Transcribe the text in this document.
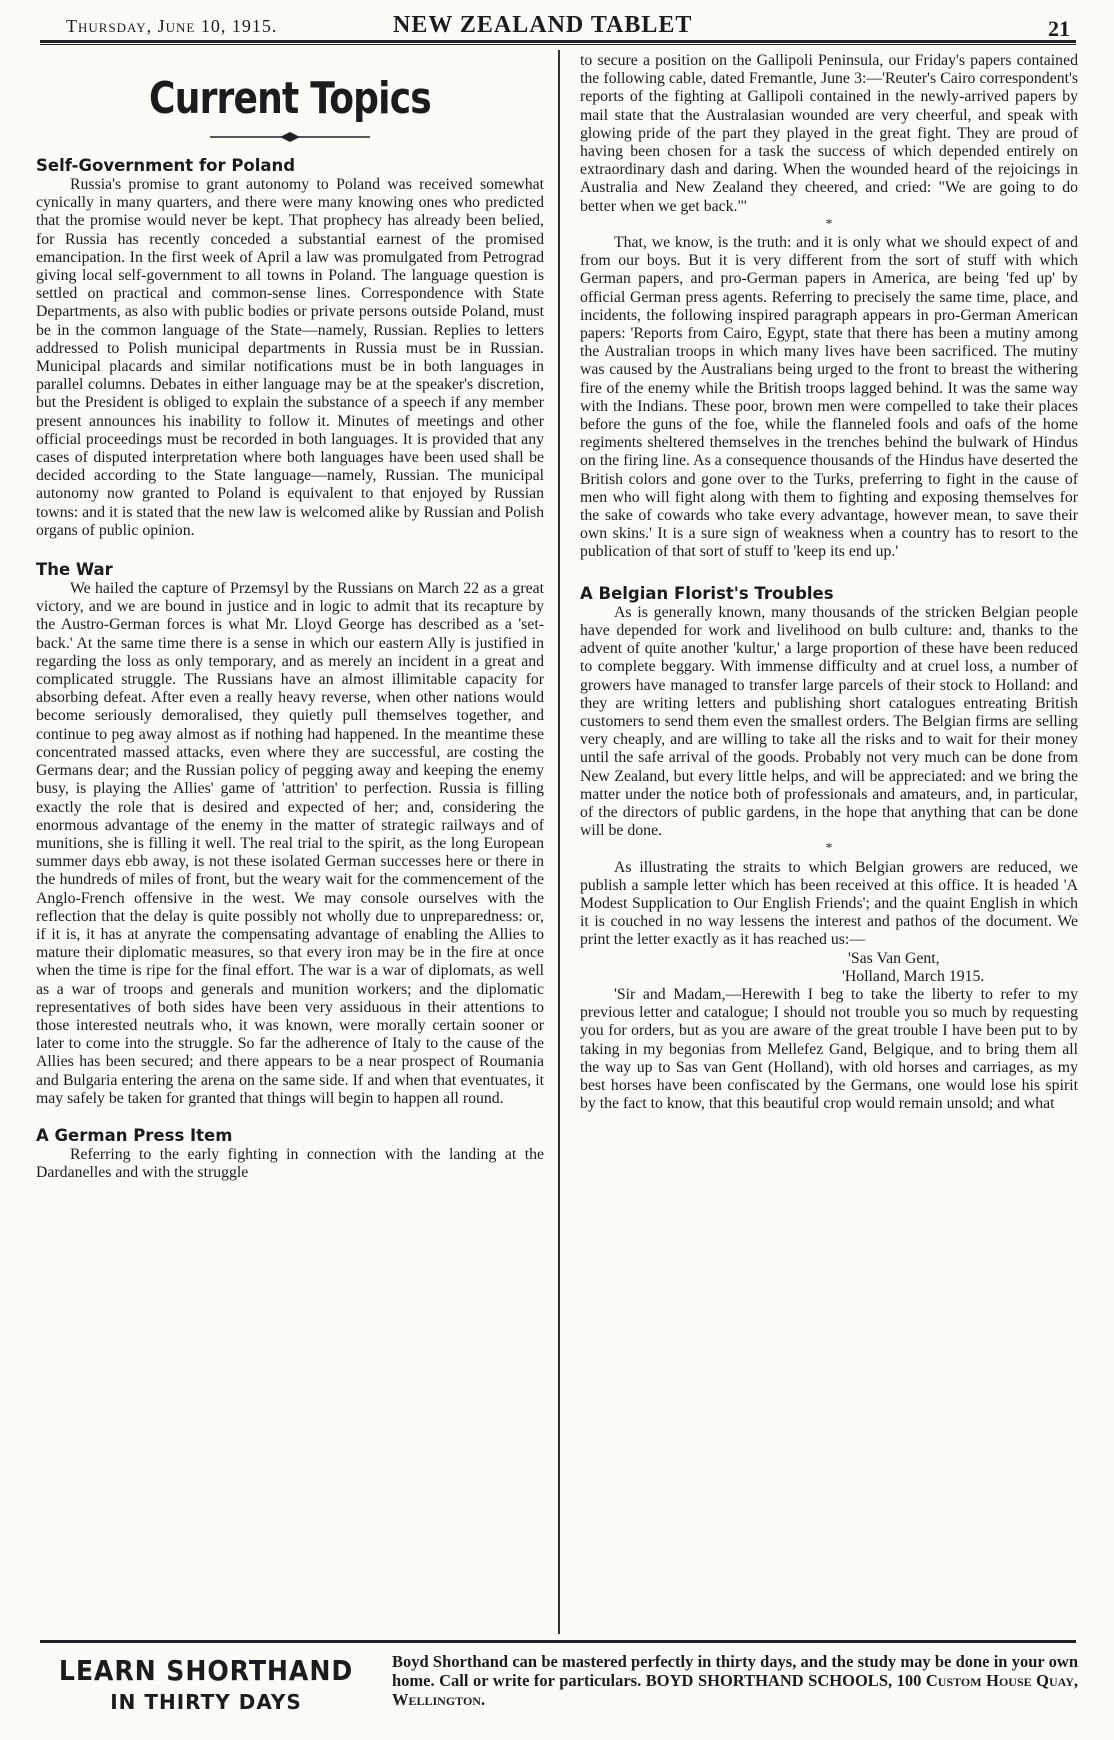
Thursday, June 10, 1915.	NEW ZEALAND TABLET	21
Current Topics

Self-Government for Poland

Russia's promise to grant autonomy to Poland was received somewhat cynically in many quarters, and there were many knowing ones who predicted that the promise would never be kept. That prophecy has already been belied, for Russia has recently conceded a substantial earnest of the promised emancipation. In the first week of April a law was promulgated from Petrograd giving local self-government to all towns in Poland. The language question is settled on practical and common-sense lines. Correspondence with State Departments, as also with public bodies or private persons outside Poland, must be in the common language of the State—namely, Russian. Replies to letters addressed to Polish municipal departments in Russia must be in Russian. Municipal placards and similar notifications must be in both languages in parallel columns. Debates in either language may be at the speaker's discretion, but the President is obliged to explain the substance of a speech if any member present announces his inability to follow it. Minutes of meetings and other official proceedings must be recorded in both languages. It is provided that any cases of disputed interpretation where both languages have been used shall be decided according to the State language—namely, Russian. The municipal autonomy now granted to Poland is equivalent to that enjoyed by Russian towns: and it is stated that the new law is welcomed alike by Russian and Polish organs of public opinion.

The War

We hailed the capture of Przemsyl by the Russians on March 22 as a great victory, and we are bound in justice and in logic to admit that its recapture by the Austro-German forces is what Mr. Lloyd George has described as a 'set-back.' At the same time there is a sense in which our eastern Ally is justified in regarding the loss as only temporary, and as merely an incident in a great and complicated struggle. The Russians have an almost illimitable capacity for absorbing defeat. After even a really heavy reverse, when other nations would become seriously demoralised, they quietly pull themselves together, and continue to peg away almost as if nothing had happened. In the meantime these concentrated massed attacks, even where they are successful, are costing the Germans dear; and the Russian policy of pegging away and keeping the enemy busy, is playing the Allies' game of 'attrition' to perfection. Russia is filling exactly the role that is desired and expected of her; and, considering the enormous advantage of the enemy in the matter of strategic railways and of munitions, she is filling it well. The real trial to the spirit, as the long European summer days ebb away, is not these isolated German successes here or there in the hundreds of miles of front, but the weary wait for the commencement of the Anglo-French offensive in the west. We may console ourselves with the reflection that the delay is quite possibly not wholly due to unpreparedness: or, if it is, it has at anyrate the compensating advantage of enabling the Allies to mature their diplomatic measures, so that every iron may be in the fire at once when the time is ripe for the final effort. The war is a war of diplomats, as well as a war of troops and generals and munition workers; and the diplomatic representatives of both sides have been very assiduous in their attentions to those interested neutrals who, it was known, were morally certain sooner or later to come into the struggle. So far the adherence of Italy to the cause of the Allies has been secured; and there appears to be a near prospect of Roumania and Bulgaria entering the arena on the same side. If and when that eventuates, it may safely be taken for granted that things will begin to happen all round.

A German Press Item

Referring to the early fighting in connection with the landing at the Dardanelles and with the struggle

to secure a position on the Gallipoli Peninsula, our Friday's papers contained the following cable, dated Fremantle, June 3:—'Reuter's Cairo correspondent's reports of the fighting at Gallipoli contained in the newly-arrived papers by mail state that the Australasian wounded are very cheerful, and speak with glowing pride of the part they played in the great fight. They are proud of having been chosen for a task the success of which depended entirely on extraordinary dash and daring. When the wounded heard of the rejoicings in Australia and New Zealand they cheered, and cried: "We are going to do better when we get back."'

*

That, we know, is the truth: and it is only what we should expect of and from our boys. But it is very different from the sort of stuff with which German papers, and pro-German papers in America, are being 'fed up' by official German press agents. Referring to precisely the same time, place, and incidents, the following inspired paragraph appears in pro-German American papers: 'Reports from Cairo, Egypt, state that there has been a mutiny among the Australian troops in which many lives have been sacrificed. The mutiny was caused by the Australians being urged to the front to breast the withering fire of the enemy while the British troops lagged behind. It was the same way with the Indians. These poor, brown men were compelled to take their places before the guns of the foe, while the flanneled fools and oafs of the home regiments sheltered themselves in the trenches behind the bulwark of Hindus on the firing line. As a consequence thousands of the Hindus have deserted the British colors and gone over to the Turks, preferring to fight in the cause of men who will fight along with them to fighting and exposing themselves for the sake of cowards who take every advantage, however mean, to save their own skins.' It is a sure sign of weakness when a country has to resort to the publication of that sort of stuff to 'keep its end up.'

A Belgian Florist's Troubles

As is generally known, many thousands of the stricken Belgian people have depended for work and livelihood on bulb culture: and, thanks to the advent of quite another 'kultur,' a large proportion of these have been reduced to complete beggary. With immense difficulty and at cruel loss, a number of growers have managed to transfer large parcels of their stock to Holland: and they are writing letters and publishing short catalogues entreating British customers to send them even the smallest orders. The Belgian firms are selling very cheaply, and are willing to take all the risks and to wait for their money until the safe arrival of the goods. Probably not very much can be done from New Zealand, but every little helps, and will be appreciated: and we bring the matter under the notice both of professionals and amateurs, and, in particular, of the directors of public gardens, in the hope that anything that can be done will be done.

*

As illustrating the straits to which Belgian growers are reduced, we publish a sample letter which has been received at this office. It is headed 'A Modest Supplication to Our English Friends'; and the quaint English in which it is couched in no way lessens the interest and pathos of the document. We print the letter exactly as it has reached us:—

'Sas Van Gent,

'Holland, March 1915.

'Sir and Madam,—Herewith I beg to take the liberty to refer to my previous letter and catalogue; I should not trouble you so much by requesting you for orders, but as you are aware of the great trouble I have been put to by taking in my begonias from Mellefez Gand, Belgique, and to bring them all the way up to Sas van Gent (Holland), with old horses and carriages, as my best horses have been confiscated by the Germans, one would lose his spirit by the fact to know, that this beautiful crop would remain unsold; and what

LEARN SHORTHAND
IN THIRTY DAYS
Boyd Shorthand can be mastered perfectly in thirty days, and the study may be done in your own home. Call or write for particulars. BOYD SHORTHAND SCHOOLS, 100 Custom House Quay, Wellington.
